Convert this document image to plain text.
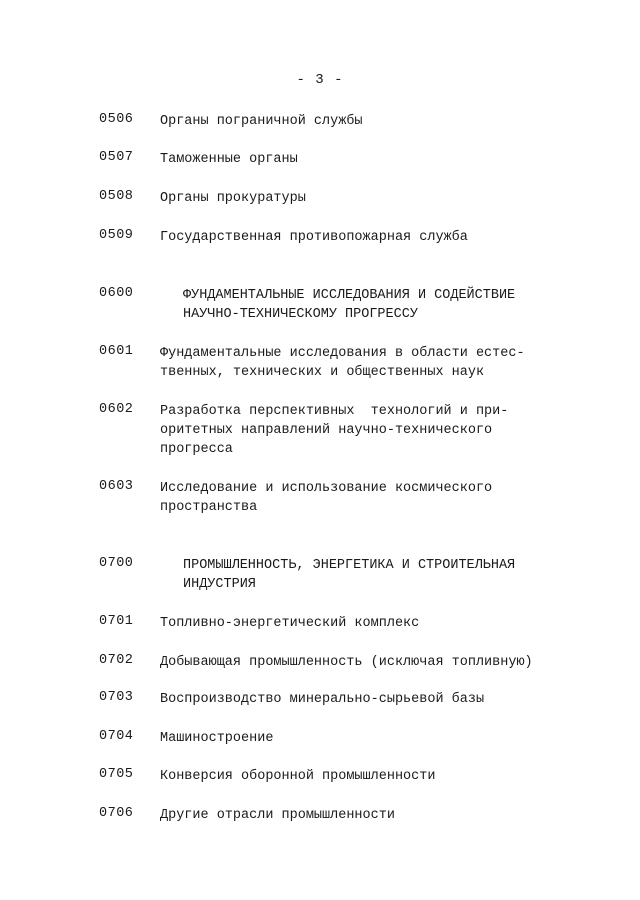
- 3 -
0506 Органы пограничной службы
0507 Таможенные органы
0508 Органы прокуратуры
0509 Государственная противопожарная служба
0600	ФУНДАМЕНТАЛЬНЫЕ ИССЛЕДОВАНИЯ И СОДЕЙСТВИЕ
НАУЧНО-ТЕХНИЧЕСКОМУ ПРОГРЕССУ
0601 Фундаментальные исследования в области естес-
твенных, технических и общественных наук
0602 Разработка перспективных  технологий и при-
оритетных направлений научно-технического
прогресса
0603 Исследование и использование космического
пространства
0700	ПРОМЫШЛЕННОСТЬ, ЭНЕРГЕТИКА И СТРОИТЕЛЬНАЯ
ИНДУСТРИЯ
0701 Топливно-энергетический комплекс
0702 Добывающая промышленность (исключая топливную)
0703 Воспроизводство минерально-сырьевой базы
0704 Машиностроение
0705 Конверсия оборонной промышленности
0706 Другие отрасли промышленности
